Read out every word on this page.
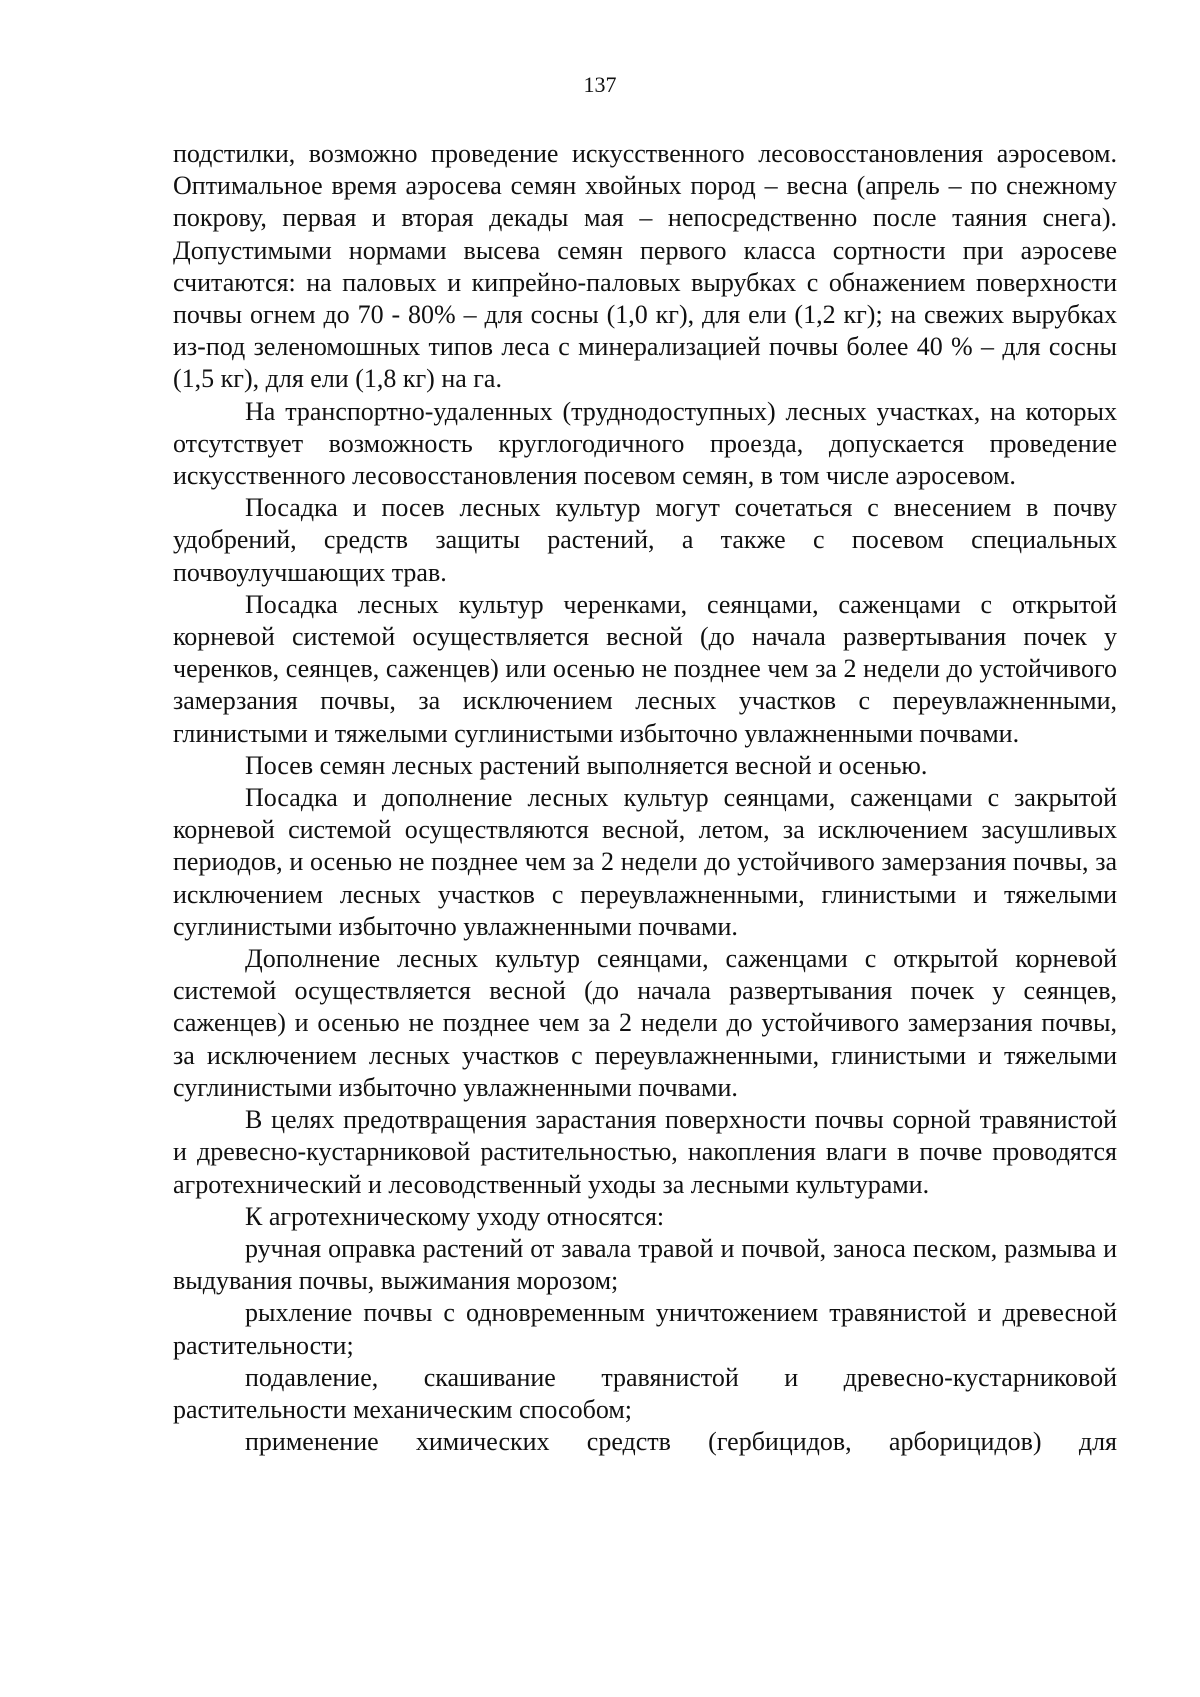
137

подстилки, возможно проведение искусственного лесовосстановления аэросевом. Оптимальное время аэросева семян хвойных пород – весна (апрель – по снежному покрову, первая и вторая декады мая – непосредственно после таяния снега). Допустимыми нормами высева семян первого класса сортности при аэросеве считаются: на паловых и кипрейно-паловых вырубках с обнажением поверхности почвы огнем до 70 - 80% – для сосны (1,0 кг), для ели (1,2 кг); на свежих вырубках из-под зеленомошных типов леса с минерализацией почвы более 40 % – для сосны (1,5 кг), для ели (1,8 кг) на га.

На транспортно-удаленных (труднодоступных) лесных участках, на которых отсутствует возможность круглогодичного проезда, допускается проведение искусственного лесовосстановления посевом семян, в том числе аэросевом.

Посадка и посев лесных культур могут сочетаться с внесением в почву удобрений, средств защиты растений, а также с посевом специальных почвоулучшающих трав.

Посадка лесных культур черенками, сеянцами, саженцами с открытой корневой системой осуществляется весной (до начала развертывания почек у черенков, сеянцев, саженцев) или осенью не позднее чем за 2 недели до устойчивого замерзания почвы, за исключением лесных участков с переувлажненными, глинистыми и тяжелыми суглинистыми избыточно увлажненными почвами.

Посев семян лесных растений выполняется весной и осенью.

Посадка и дополнение лесных культур сеянцами, саженцами с закрытой корневой системой осуществляются весной, летом, за исключением засушливых периодов, и осенью не позднее чем за 2 недели до устойчивого замерзания почвы, за исключением лесных участков с переувлажненными, глинистыми и тяжелыми суглинистыми избыточно увлажненными почвами.

Дополнение лесных культур сеянцами, саженцами с открытой корневой системой осуществляется весной (до начала развертывания почек у сеянцев, саженцев) и осенью не позднее чем за 2 недели до устойчивого замерзания почвы, за исключением лесных участков с переувлажненными, глинистыми и тяжелыми суглинистыми избыточно увлажненными почвами.

В целях предотвращения зарастания поверхности почвы сорной травянистой и древесно-кустарниковой растительностью, накопления влаги в почве проводятся агротехнический и лесоводственный уходы за лесными культурами.

К агротехническому уходу относятся:

ручная оправка растений от завала травой и почвой, заноса песком, размыва и выдувания почвы, выжимания морозом;

рыхление почвы с одновременным уничтожением травянистой и древесной растительности;

подавление, скашивание травянистой и древесно-кустарниковой растительности механическим способом;

применение химических средств (гербицидов, арборицидов) для
